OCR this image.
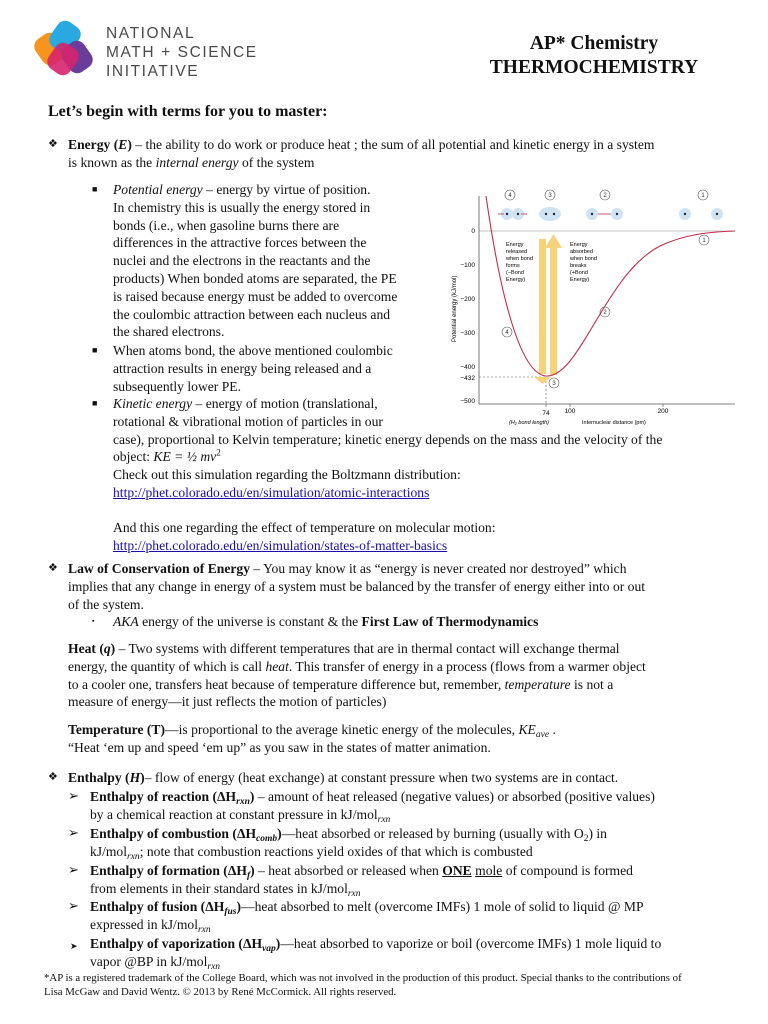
NATIONAL
MATH + SCIENCE
INITIATIVE
AP* Chemistry
THERMOCHEMISTRY
Let’s begin with terms for you to master:
❖ Energy (E) – the ability to do work or produce heat ; the sum of all potential and kinetic energy in a system
is known as the internal energy of the system
■ Potential energy – energy by virtue of position.
In chemistry this is usually the energy stored in
bonds (i.e., when gasoline burns there are
differences in the attractive forces between the
nuclei and the electrons in the reactants and the
products) When bonded atoms are separated, the PE
is raised because energy must be added to overcome
the coulombic attraction between each nucleus and
the shared electrons.
■ When atoms bond, the above mentioned coulombic
attraction results in energy being released and a
subsequently lower PE.
■ Kinetic energy – energy of motion (translational,
rotational & vibrational motion of particles in our
case), proportional to Kelvin temperature; kinetic energy depends on the mass and the velocity of the
object: KE = ½ $mv^2$
Check out this simulation regarding the Boltzmann distribution:
http://phet.colorado.edu/en/simulation/atomic-interactions
And this one regarding the effect of temperature on molecular motion:
http://phet.colorado.edu/en/simulation/states-of-matter-basics
❖ Law of Conservation of Energy – You may know it as “energy is never created nor destroyed” which
implies that any change in energy of a system must be balanced by the transfer of energy either into or out
of the system.
▪ AKA energy of the universe is constant & the First Law of Thermodynamics
Heat (q) – Two systems with different temperatures that are in thermal contact will exchange thermal
energy, the quantity of which is call heat. This transfer of energy in a process (flows from a warmer object
to a cooler one, transfers heat because of temperature difference but, remember, temperature is not a
measure of energy—it just reflects the motion of particles)
Temperature (T)—is proportional to the average kinetic energy of the molecules, $KE_{ave}$ .
“Heat ‘em up and speed ‘em up” as you saw in the states of matter animation.
❖ Enthalpy (H)– flow of energy (heat exchange) at constant pressure when two systems are in contact.
➢ Enthalpy of reaction $(\Delta H_{rxn})$ – amount of heat released (negative values) or absorbed (positive values)
by a chemical reaction at constant pressure in kJ/mol$_{rxn}$
➢ Enthalpy of combustion $(\Delta H_{comb})—heat$ absorbed or released by burning (usually with $O_2$) in
kJ/mol$_{rxn}$; note that combustion reactions yield oxides of that which is combusted
➢ Enthalpy of formation $(\Delta H_f)$ – heat absorbed or released when ONE mole of compound is formed
from elements in their standard states in kJ/mol$_{rxn}$
➢ Enthalpy of fusion $(\Delta H_{fus})—heat$ absorbed to melt (overcome IMFs) 1 mole of solid to liquid @ MP
expressed in kJ/mol$_{rxn}$
➤ Enthalpy of vaporization $(\Delta H_{vap})—heat$ absorbed to vaporize or boil (overcome IMFs) 1 mole liquid to
vapor @BP in kJ/mol$_{rxn}$
*AP is a registered trademark of the College Board, which was not involved in the production of this product. Special thanks to the contributions of
Lisa McGaw and David Wentz. © 2013 by René McCormick. All rights reserved.
0
−100
−200
−300
−400
−432
−500
Potential energy (kJ/mol)
74 100	200
(H₂ bond length)	Internuclear distance (pm)
Energy
released
when bond
forms
(−Bond
Energy)
Energy
absorbed
when bond
breaks
(+Bond
Energy)
4	3	2	1
1
2
4
3
